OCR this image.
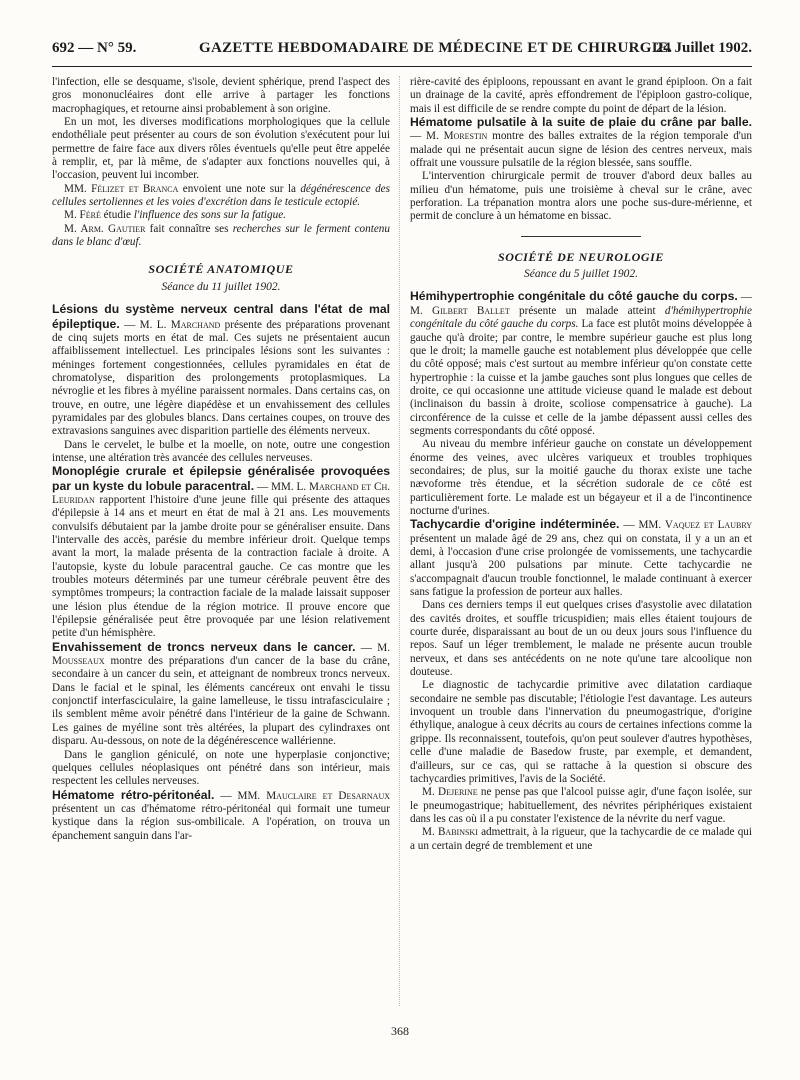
692 — N° 59.	GAZETTE HEBDOMADAIRE DE MÉDECINE ET DE CHIRURGIE.
24 Juillet 1902.

l'infection, elle se desquame, s'isole, devient sphérique, prend l'aspect des gros mononucléaires dont elle arrive à partager les fonctions macrophagiques, et retourne ainsi probablement à son origine.

En un mot, les diverses modifications morphologiques que la cellule endothéliale peut présenter au cours de son évolution s'exécutent pour lui permettre de faire face aux divers rôles éventuels qu'elle peut être appelée à remplir, et, par là même, de s'adapter aux fonctions nouvelles qui, à l'occasion, peuvent lui incomber.

MM. Félizet et Branca envoient une note sur la dégénérescence des cellules sertoliennes et les voies d'excrétion dans le testicule ectopié.

M. Féré étudie l'influence des sons sur la fatigue.

M. Arm. Gautier fait connaître ses recherches sur le ferment contenu dans le blanc d'œuf.

SOCIÉTÉ ANATOMIQUE
Séance du 11 juillet 1902.

Lésions du système nerveux central dans l'état de mal épileptique. — M. L. Marchand présente des préparations provenant de cinq sujets morts en état de mal. Ces sujets ne présentaient aucun affaiblissement intellectuel. Les principales lésions sont les suivantes : méninges fortement congestionnées, cellules pyramidales en état de chromatolyse, disparition des prolongements protoplasmiques. La névroglie et les fibres à myéline paraissent normales. Dans certains cas, on trouve, en outre, une légère diapédèse et un envahissement des cellules pyramidales par des globules blancs. Dans certaines coupes, on trouve des extravasions sanguines avec disparition partielle des éléments nerveux.

Dans le cervelet, le bulbe et la moelle, on note, outre une congestion intense, une altération très avancée des cellules nerveuses.

Monoplégie crurale et épilepsie généralisée provoquées par un kyste du lobule paracentral. — MM. L. Marchand et Ch. Leuridan rapportent l'histoire d'une jeune fille qui présente des attaques d'épilepsie à 14 ans et meurt en état de mal à 21 ans. Les mouvements convulsifs débutaient par la jambe droite pour se généraliser ensuite. Dans l'intervalle des accès, parésie du membre inférieur droit. Quelque temps avant la mort, la malade présenta de la contraction faciale à droite. A l'autopsie, kyste du lobule paracentral gauche. Ce cas montre que les troubles moteurs déterminés par une tumeur cérébrale peuvent être des symptômes trompeurs; la contraction faciale de la malade laissait supposer une lésion plus étendue de la région motrice. Il prouve encore que l'épilepsie généralisée peut être provoquée par une lésion relativement petite d'un hémisphère.

Envahissement de troncs nerveux dans le cancer. — M. Mousseaux montre des préparations d'un cancer de la base du crâne, secondaire à un cancer du sein, et atteignant de nombreux troncs nerveux. Dans le facial et le spinal, les éléments cancéreux ont envahi le tissu conjonctif interfasciculaire, la gaine lamelleuse, le tissu intrafasciculaire ; ils semblent même avoir pénétré dans l'intérieur de la gaine de Schwann. Les gaines de myéline sont très altérées, la plupart des cylindraxes ont disparu. Au-dessous, on note de la dégénérescence wallérienne.

Dans le ganglion géniculé, on note une hyperplasie conjonctive; quelques cellules néoplasiques ont pénétré dans son intérieur, mais respectent les cellules nerveuses.

Hématome rétro-péritonéal. — MM. Mauclaire et Desarnaux présentent un cas d'hématome rétro-péritonéal qui formait une tumeur kystique dans la région sus-ombilicale. A l'opération, on trouva un épanchement sanguin dans l'ar-

rière-cavité des épiploons, repoussant en avant le grand épiploon. On a fait un drainage de la cavité, après effondrement de l'épiploon gastro-colique, mais il est difficile de se rendre compte du point de départ de la lésion.

Hématome pulsatile à la suite de plaie du crâne par balle. — M. Morestin montre des balles extraites de la région temporale d'un malade qui ne présentait aucun signe de lésion des centres nerveux, mais offrait une voussure pulsatile de la région blessée, sans souffle.

L'intervention chirurgicale permit de trouver d'abord deux balles au milieu d'un hématome, puis une troisième à cheval sur le crâne, avec perforation. La trépanation montra alors une poche sus-dure-mérienne, et permit de conclure à un hématome en bissac.

SOCIÉTÉ DE NEUROLOGIE
Séance du 5 juillet 1902.

Hémihypertrophie congénitale du côté gauche du corps. — M. Gilbert Ballet présente un malade atteint d'hémihypertrophie congénitale du côté gauche du corps. La face est plutôt moins développée à gauche qu'à droite; par contre, le membre supérieur gauche est plus long que le droit; la mamelle gauche est notablement plus développée que celle du côté opposé; mais c'est surtout au membre inférieur qu'on constate cette hypertrophie : la cuisse et la jambe gauches sont plus longues que celles de droite, ce qui occasionne une attitude vicieuse quand le malade est debout (inclinaison du bassin à droite, scoliose compensatrice à gauche). La circonférence de la cuisse et celle de la jambe dépassent aussi celles des segments correspondants du côté opposé.

Au niveau du membre inférieur gauche on constate un développement énorme des veines, avec ulcères variqueux et troubles trophiques secondaires; de plus, sur la moitié gauche du thorax existe une tache nævoforme très étendue, et la sécrétion sudorale de ce côté est particulièrement forte. Le malade est un bégayeur et il a de l'incontinence nocturne d'urines.

Tachycardie d'origine indéterminée. — MM. Vaquez et Laubry présentent un malade âgé de 29 ans, chez qui on constata, il y a un an et demi, à l'occasion d'une crise prolongée de vomissements, une tachycardie allant jusqu'à 200 pulsations par minute. Cette tachycardie ne s'accompagnait d'aucun trouble fonctionnel, le malade continuant à exercer sans fatigue la profession de porteur aux halles.

Dans ces derniers temps il eut quelques crises d'asystolie avec dilatation des cavités droites, et souffle tricuspidien; mais elles étaient toujours de courte durée, disparaissant au bout de un ou deux jours sous l'influence du repos. Sauf un léger tremblement, le malade ne présente aucun trouble nerveux, et dans ses antécédents on ne note qu'une tare alcoolique non douteuse.

Le diagnostic de tachycardie primitive avec dilatation cardiaque secondaire ne semble pas discutable; l'étiologie l'est davantage. Les auteurs invoquent un trouble dans l'innervation du pneumogastrique, d'origine éthylique, analogue à ceux décrits au cours de certaines infections comme la grippe. Ils reconnaissent, toutefois, qu'on peut soulever d'autres hypothèses, celle d'une maladie de Basedow fruste, par exemple, et demandent, d'ailleurs, sur ce cas, qui se rattache à la question si obscure des tachycardies primitives, l'avis de la Société.

M. Dejerine ne pense pas que l'alcool puisse agir, d'une façon isolée, sur le pneumogastrique; habituellement, des névrites périphériques existaient dans les cas où il a pu constater l'existence de la névrite du nerf vague.

M. Babinski admettrait, à la rigueur, que la tachycardie de ce malade qui a un certain degré de tremblement et une

368
